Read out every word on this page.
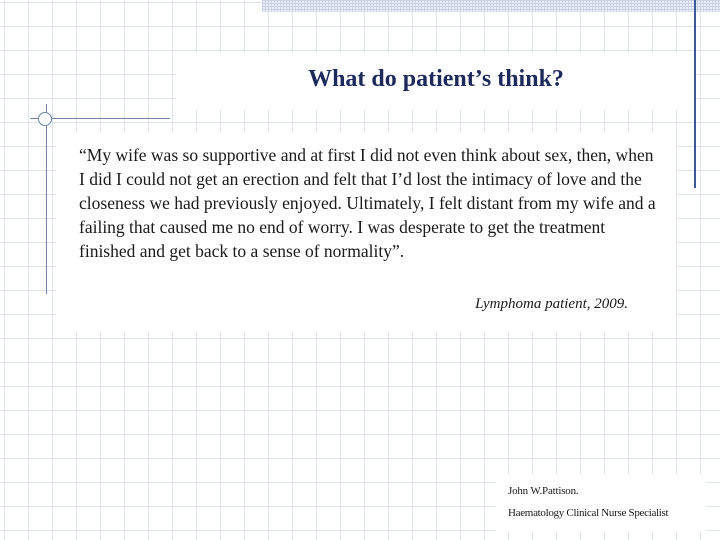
What do patient’s think?

“My wife was so supportive and at first I did not even think about sex, then, when I did I could not get an erection and felt that I’d lost the intimacy of love and the closeness we had previously enjoyed. Ultimately, I felt distant from my wife and a failing that caused me no end of worry. I was desperate to get the treatment finished and get back to a sense of normality”.

Lymphoma patient, 2009.

John W.Pattison.

Haematology Clinical Nurse Specialist
